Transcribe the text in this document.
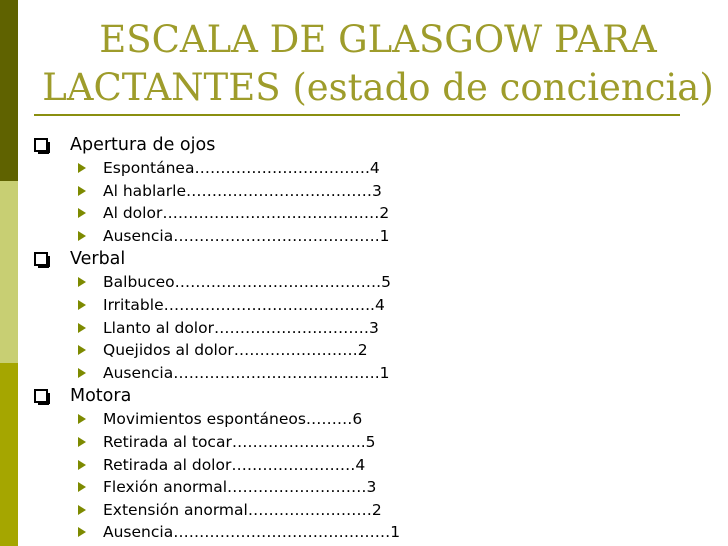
ESCALA DE GLASGOW PARA LACTANTES (estado de conciencia)
Apertura de ojos
Espontánea…………………………….4
Al hablarle………………………………3
Al dolor……………………………………2
Ausencia………………………………….1
Verbal
Balbuceo………………………………….5
Irritable…………………………………..4
Llanto al dolor…………………………3
Quejidos al dolor……………………2
Ausencia………………………………….1
Motora
Movimientos espontáneos………6
Retirada al tocar……………………..5
Retirada al dolor……………………4
Flexión anormal………………………3
Extensión anormal……………………2
Ausencia……………………………………1
